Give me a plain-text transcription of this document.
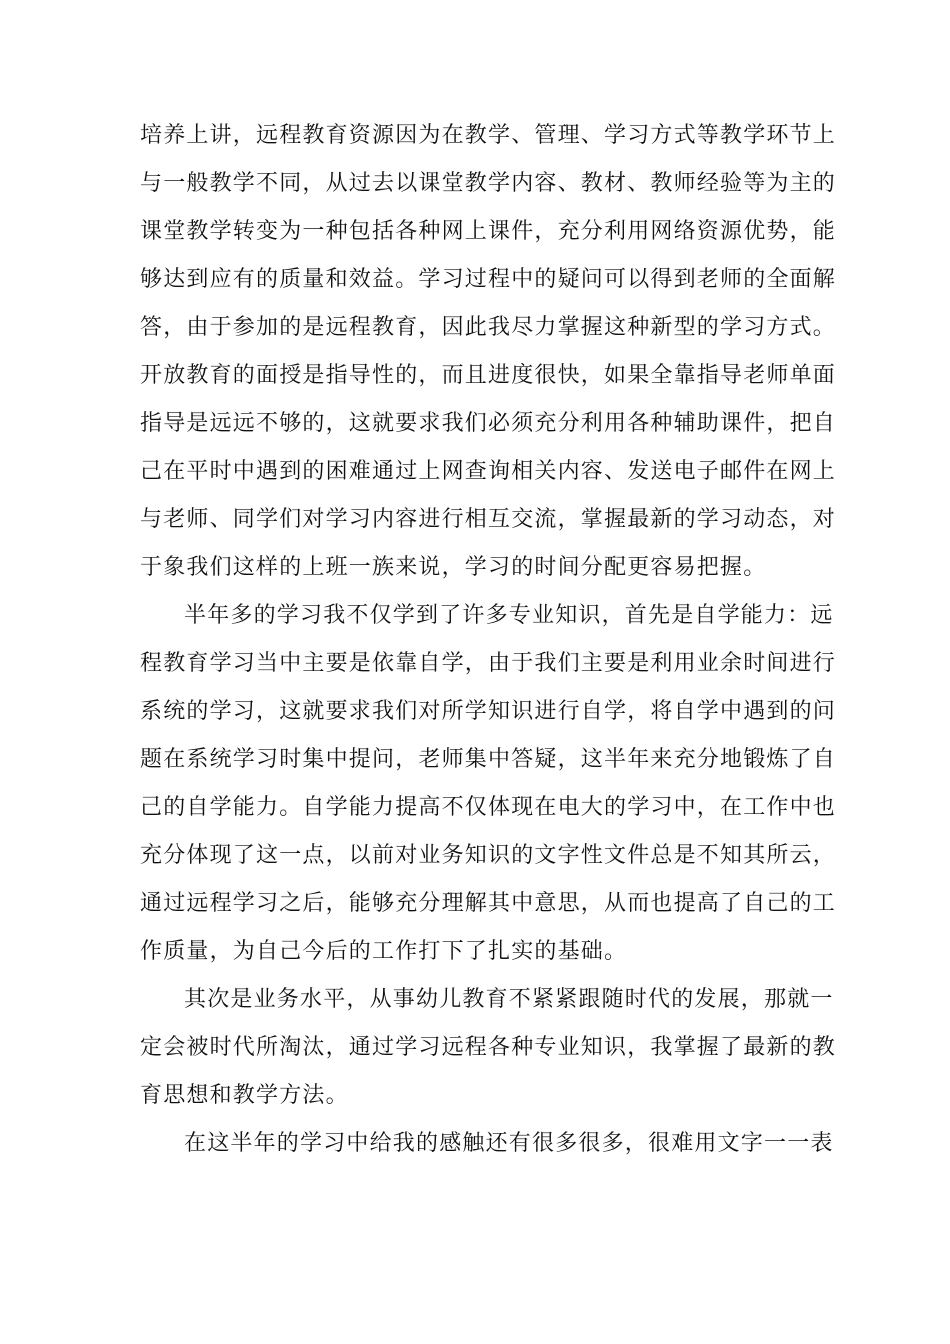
培养上讲，远程教育资源因为在教学、管理、学习方式等教学环节上
与一般教学不同，从过去以课堂教学内容、教材、教师经验等为主的
课堂教学转变为一种包括各种网上课件，充分利用网络资源优势，能
够达到应有的质量和效益。学习过程中的疑问可以得到老师的全面解
答，由于参加的是远程教育，因此我尽力掌握这种新型的学习方式。
开放教育的面授是指导性的，而且进度很快，如果全靠指导老师单面
指导是远远不够的，这就要求我们必须充分利用各种辅助课件，把自
己在平时中遇到的困难通过上网查询相关内容、发送电子邮件在网上
与老师、同学们对学习内容进行相互交流，掌握最新的学习动态，对
于象我们这样的上班一族来说，学习的时间分配更容易把握。
半年多的学习我不仅学到了许多专业知识，首先是自学能力：远
程教育学习当中主要是依靠自学，由于我们主要是利用业余时间进行
系统的学习，这就要求我们对所学知识进行自学，将自学中遇到的问
题在系统学习时集中提问，老师集中答疑，这半年来充分地锻炼了自
己的自学能力。自学能力提高不仅体现在电大的学习中，在工作中也
充分体现了这一点，以前对业务知识的文字性文件总是不知其所云，
通过远程学习之后，能够充分理解其中意思，从而也提高了自己的工
作质量，为自己今后的工作打下了扎实的基础。
其次是业务水平，从事幼儿教育不紧紧跟随时代的发展，那就一
定会被时代所淘汰，通过学习远程各种专业知识，我掌握了最新的教
育思想和教学方法。
在这半年的学习中给我的感触还有很多很多，很难用文字一一表
